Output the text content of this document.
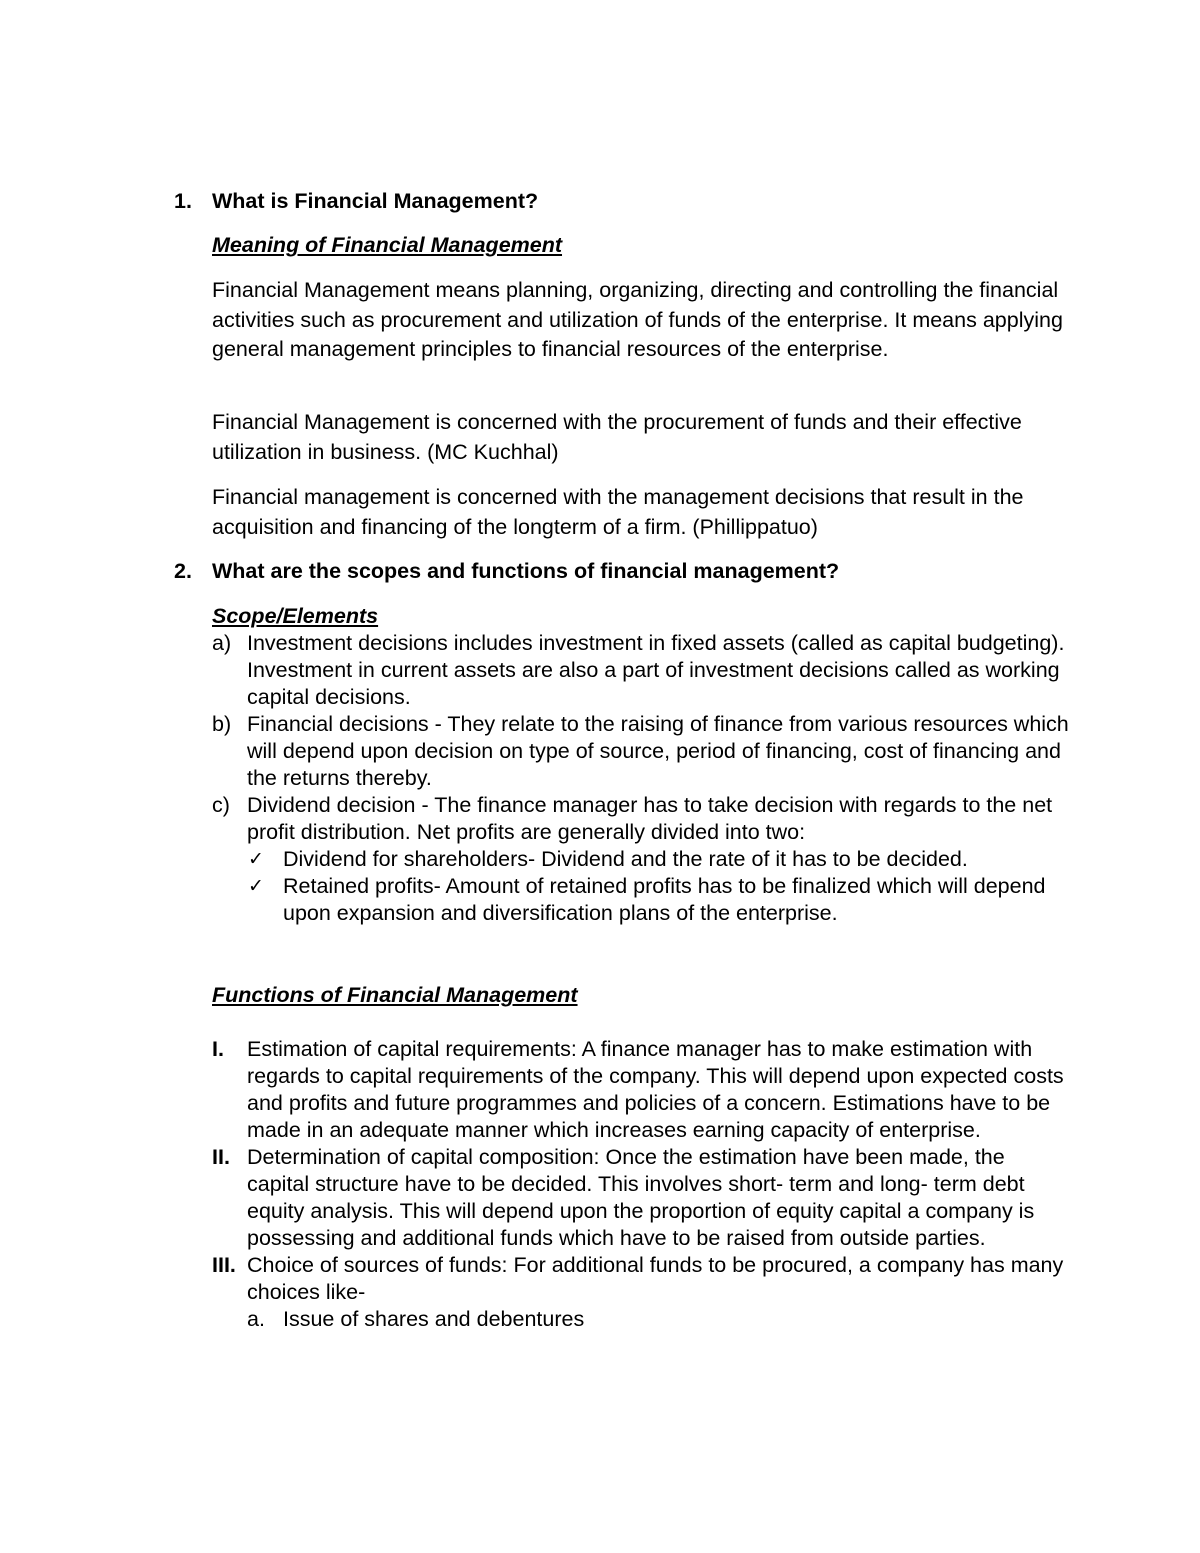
1. What is Financial Management?
Meaning of Financial Management
Financial Management means planning, organizing, directing and controlling the financial activities such as procurement and utilization of funds of the enterprise. It means applying general management principles to financial resources of the enterprise.
Financial Management is concerned with the procurement of funds and their effective utilization in business. (MC Kuchhal)
Financial management is concerned with the management decisions that result in the acquisition and financing of the longterm of a firm. (Phillippatuo)
2. What are the scopes and functions of financial management?
Scope/Elements
a) Investment decisions includes investment in fixed assets (called as capital budgeting). Investment in current assets are also a part of investment decisions called as working capital decisions.
b) Financial decisions - They relate to the raising of finance from various resources which will depend upon decision on type of source, period of financing, cost of financing and the returns thereby.
c) Dividend decision - The finance manager has to take decision with regards to the net profit distribution. Net profits are generally divided into two:
✓ Dividend for shareholders- Dividend and the rate of it has to be decided.
✓ Retained profits- Amount of retained profits has to be finalized which will depend upon expansion and diversification plans of the enterprise.
Functions of Financial Management
I.	Estimation of capital requirements: A finance manager has to make estimation with regards to capital requirements of the company. This will depend upon expected costs and profits and future programmes and policies of a concern. Estimations have to be made in an adequate manner which increases earning capacity of enterprise.
II. Determination of capital composition: Once the estimation have been made, the capital structure have to be decided. This involves short- term and long- term debt equity analysis. This will depend upon the proportion of equity capital a company is possessing and additional funds which have to be raised from outside parties.
III. Choice of sources of funds: For additional funds to be procured, a company has many choices like-
a. Issue of shares and debentures
